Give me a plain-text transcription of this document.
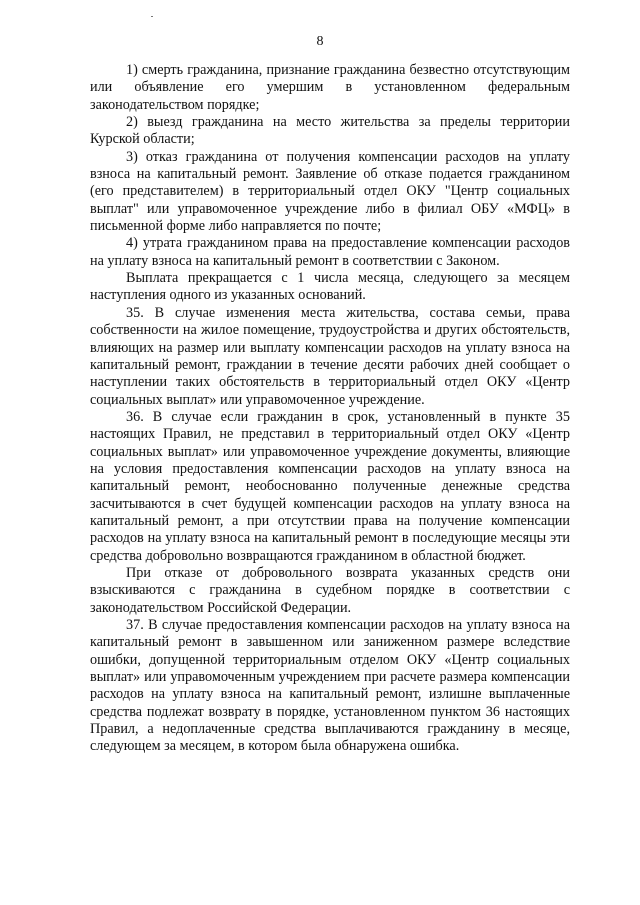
8

1) смерть гражданина, признание гражданина безвестно отсутствующим или объявление его умершим в установленном федеральным законодательством порядке;

2) выезд гражданина на место жительства за пределы территории Курской области;

3) отказ гражданина от получения компенсации расходов на уплату взноса на капитальный ремонт. Заявление об отказе подается гражданином (его представителем) в территориальный отдел ОКУ "Центр социальных выплат" или управомоченное учреждение либо в филиал ОБУ «МФЦ» в письменной форме либо направляется по почте;

4) утрата гражданином права на предоставление компенсации расходов на уплату взноса на капитальный ремонт в соответствии с Законом.

Выплата прекращается с 1 числа месяца, следующего за месяцем наступления одного из указанных оснований.

35. В случае изменения места жительства, состава семьи, права собственности на жилое помещение, трудоустройства и других обстоятельств, влияющих на размер или выплату компенсации расходов на уплату взноса на капитальный ремонт, граждании в течение десяти рабочих дней сообщает о наступлении таких обстоятельств в территориальный отдел ОКУ «Центр социальных выплат» или управомоченное учреждение.

36. В случае если гражданин в срок, установленный в пункте 35 настоящих Правил, не представил в территориальный отдел ОКУ «Центр социальных выплат» или управомоченное учреждение документы, влияющие на условия предоставления компенсации расходов на уплату взноса на капитальный ремонт, необоснованно полученные денежные средства засчитываются в счет будущей компенсации расходов на уплату взноса на капитальный ремонт, а при отсутствии права на получение компенсации расходов на уплату взноса на капитальный ремонт в последующие месяцы эти средства добровольно возвращаются гражданином в областной бюджет.

При отказе от добровольного возврата указанных средств они взыскиваются с гражданина в судебном порядке в соответствии с законодательством Российской Федерации.

37. В случае предоставления компенсации расходов на уплату взноса на капитальный ремонт в завышенном или заниженном размере вследствие ошибки, допущенной территориальным отделом ОКУ «Центр социальных выплат» или управомоченным учреждением при расчете размера компенсации расходов на уплату взноса на капитальный ремонт, излишне выплаченные средства подлежат возврату в порядке, установленном пунктом 36 настоящих Правил, а недоплаченные средства выплачиваются гражданину в месяце, следующем за месяцем, в котором была обнаружена ошибка.
